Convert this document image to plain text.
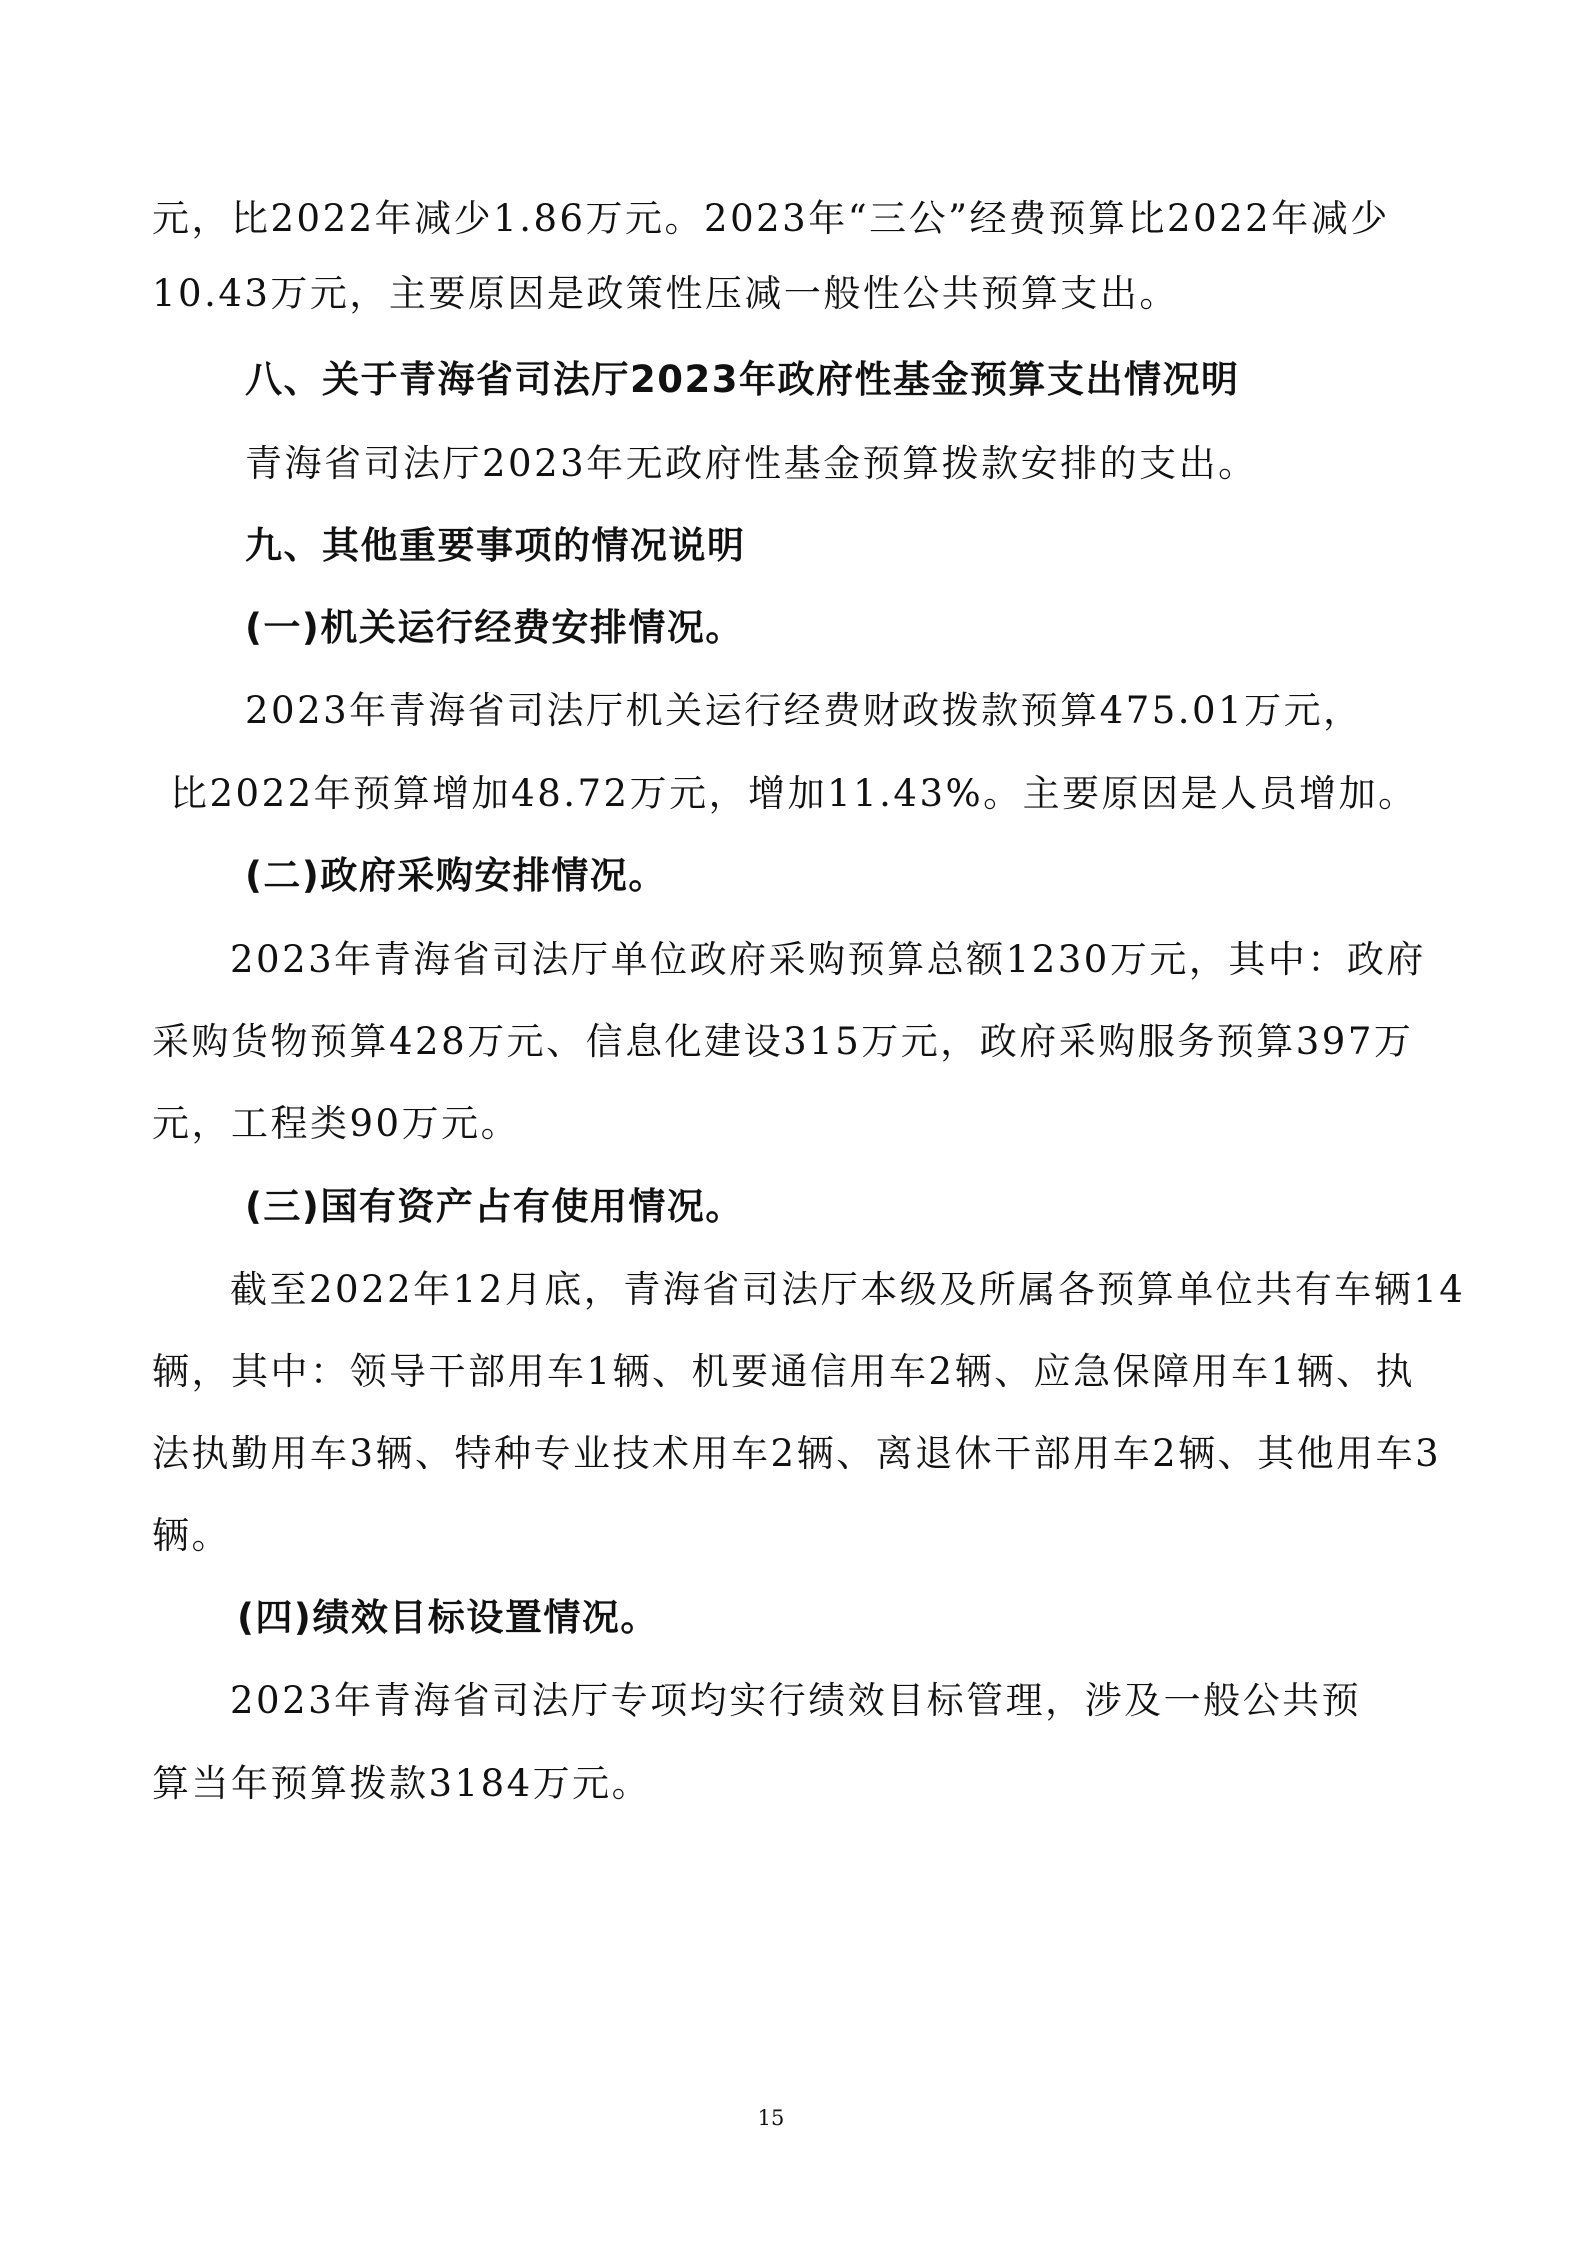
元，比2022年减少1.86万元。2023年“三公”经费预算比2022年减少
10.43万元，主要原因是政策性压减一般性公共预算支出。
八、关于青海省司法厅2023年政府性基金预算支出情况明
青海省司法厅2023年无政府性基金预算拨款安排的支出。
九、其他重要事项的情况说明
(一)机关运行经费安排情况。
2023年青海省司法厅机关运行经费财政拨款预算475.01万元，
比2022年预算增加48.72万元，增加11.43%。主要原因是人员增加。
(二)政府采购安排情况。
2023年青海省司法厅单位政府采购预算总额1230万元，其中：政府
采购货物预算428万元、信息化建设315万元，政府采购服务预算397万
元，工程类90万元。
(三)国有资产占有使用情况。
截至2022年12月底，青海省司法厅本级及所属各预算单位共有车辆14
辆，其中：领导干部用车1辆、机要通信用车2辆、应急保障用车1辆、执
法执勤用车3辆、特种专业技术用车2辆、离退休干部用车2辆、其他用车3
辆。
(四)绩效目标设置情况。
2023年青海省司法厅专项均实行绩效目标管理，涉及一般公共预
算当年预算拨款3184万元。
15
